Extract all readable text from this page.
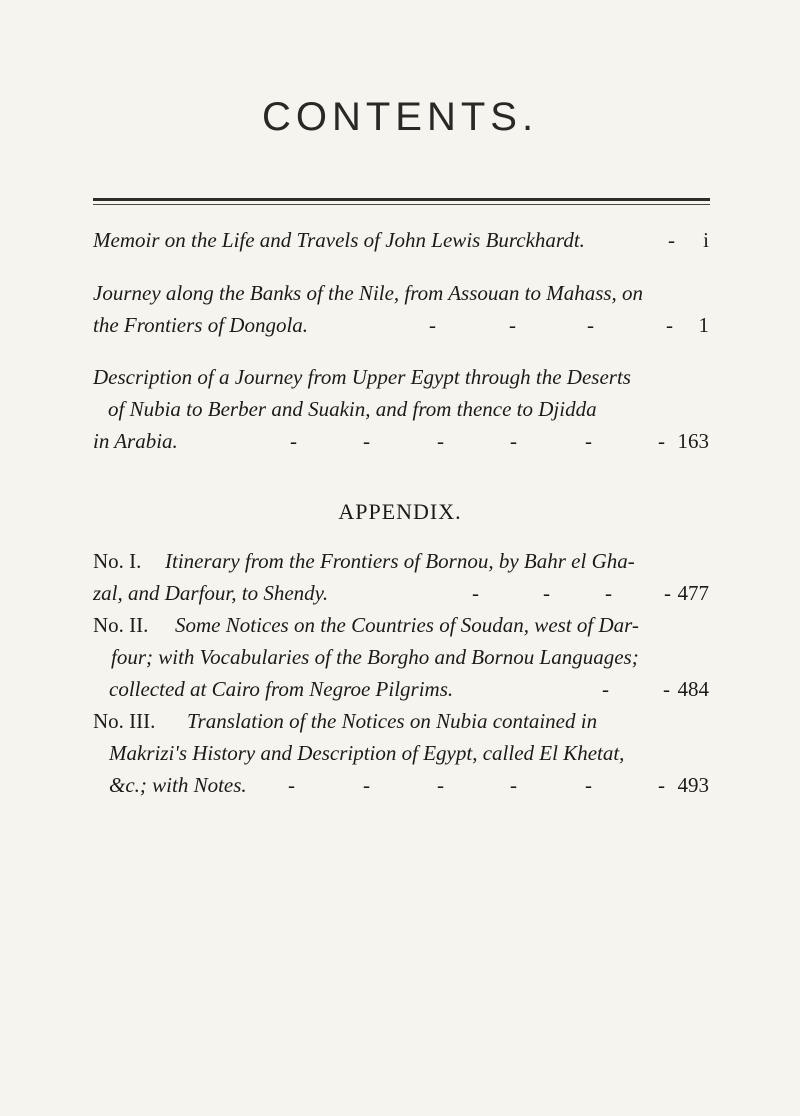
CONTENTS.
Memoir on the Life and Travels of John Lewis Burckhardt.	- i
Journey along the Banks of the Nile, from Assouan to Mahass, on
the Frontiers of Dongola.	-	-	-	- 1
Description of a Journey from Upper Egypt through the Deserts
of Nubia to Berber and Suakin, and from thence to Djidda
in Arabia.	-	-	-	-	-	- 163
APPENDIX.
No. I. Itinerary from the Frontiers of Bornou, by Bahr el Gha-
zal, and Darfour, to Shendy.	-	-	- - 477
No. II. Some Notices on the Countries of Soudan, west of Dar-
four; with Vocabularies of the Borgho and Bornou Languages;
collected at Cairo from Negroe Pilgrims.	-	- 484
No. III. Translation of the Notices on Nubia contained in
Makrizi's History and Description of Egypt, called El Khetat,
&c.; with Notes. -	-	-	-	-	- 493
